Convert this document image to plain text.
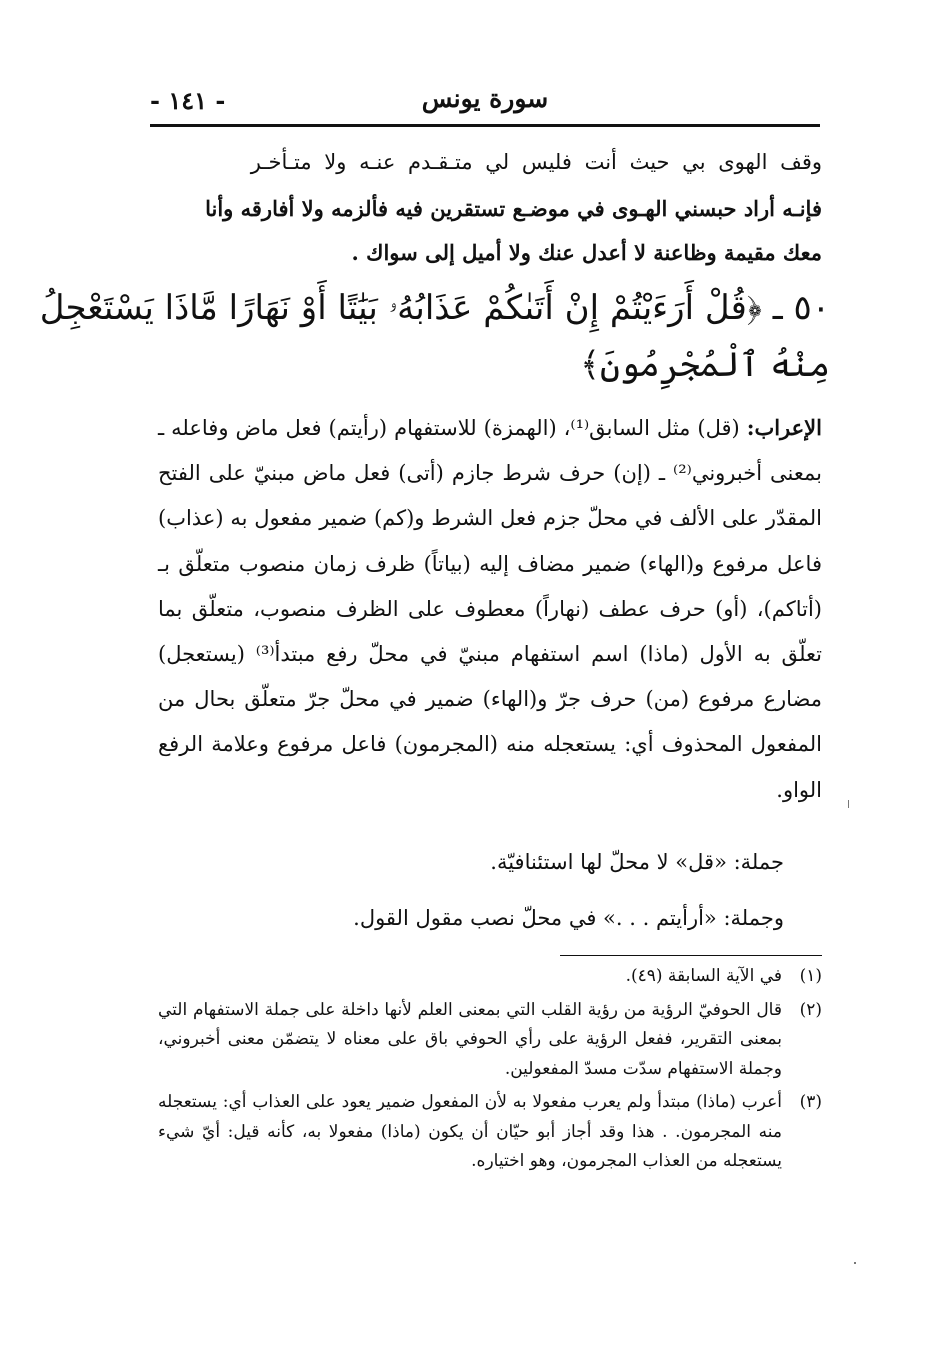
سورة يونس
- ١٤١ -
وقف الهوى بي حيث أنت فليس لي متـقـدم عنـه ولا متـأخـر
فإنـه أراد حبسني الهـوى في موضـع تستقرين فيه فألزمه ولا أفارقه وأنا
معك مقيمة وظاعنة لا أعدل عنك ولا أميل إلى سواك .
٥٠ ـ ﴿قُلْ أَرَءَيْتُمْ إِنْ أَتَىٰكُمْ عَذَابُهُۥ بَيَٰتًا أَوْ نَهَارًا مَّاذَا يَسْتَعْجِلُ
مِنْهُ ٱلْمُجْرِمُونَ﴾
الإعراب: (قل) مثل السابق⁽¹⁾، (الهمزة) للاستفهام (رأيتم) فعل ماض وفاعله ـ بمعنى أخبروني⁽²⁾ ـ (إن) حرف شرط جازم (أتى) فعل ماض مبنيّ على الفتح المقدّر على الألف في محلّ جزم فعل الشرط و(كم) ضمير مفعول به (عذاب) فاعل مرفوع و(الهاء) ضمير مضاف إليه (بياتاً) ظرف زمان منصوب متعلّق بـ (أتاكم)، (أو) حرف عطف (نهاراً) معطوف على الظرف منصوب، متعلّق بما تعلّق به الأول (ماذا) اسم استفهام مبنيّ في محلّ رفع مبتدأ⁽³⁾ (يستعجل) مضارع مرفوع (من) حرف جرّ و(الهاء) ضمير في محلّ جرّ متعلّق بحال من المفعول المحذوف أي: يستعجله منه (المجرمون) فاعل مرفوع وعلامة الرفع الواو.
جملة: «قل» لا محلّ لها استئنافيّة.
وجملة: «أرأيتم . . .» في محلّ نصب مقول القول.
(١)
في الآية السابقة (٤٩).
(٢)
قال الحوفيّ الرؤية من رؤية القلب التي بمعنى العلم لأنها داخلة على جملة الاستفهام التي بمعنى التقرير، ففعل الرؤية على رأي الحوفي باق على معناه لا يتضمّن معنى أخبروني، وجملة الاستفهام سدّت مسدّ المفعولين.
(٣)
أعرب (ماذا) مبتدأ ولم يعرب مفعولا به لأن المفعول ضمير يعود على العذاب أي: يستعجله منه المجرمون. . هذا وقد أجاز أبو حيّان أن يكون (ماذا) مفعولا به، كأنه قيل: أيّ شيء يستعجله من العذاب المجرمون، وهو اختياره.
